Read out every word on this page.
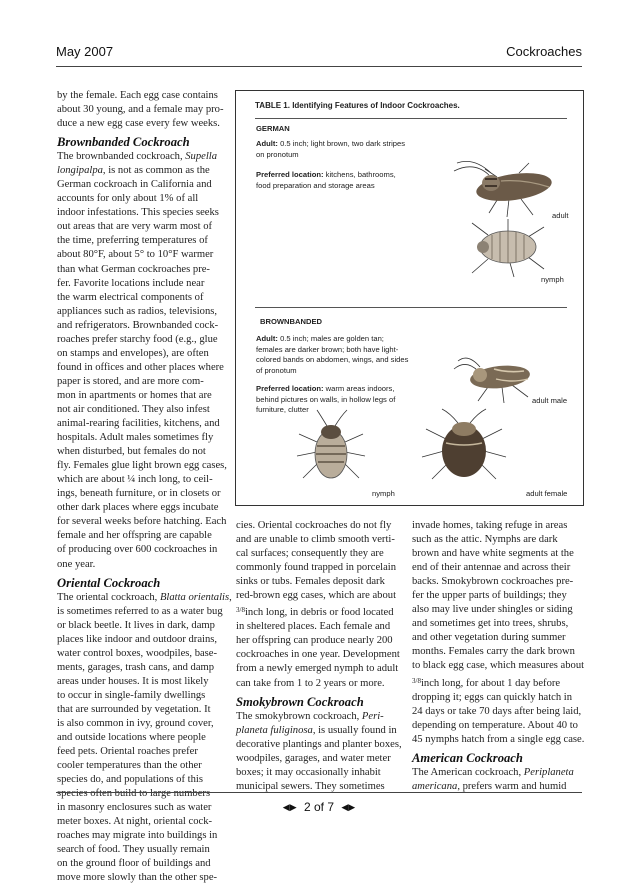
May 2007	Cockroaches
by the female. Each egg case contains
about 30 young, and a female may pro-
duce a new egg case every few weeks.
Brownbanded Cockroach
The brownbanded cockroach, Supella
longipalpa, is not as common as the
German cockroach in California and
accounts for only about 1% of all
indoor infestations. This species seeks
out areas that are very warm most of
the time, preferring temperatures of
about 80°F, about 5° to 10°F warmer
than what German cockroaches pre-
fer. Favorite locations include near
the warm electrical components of
appliances such as radios, televisions,
and refrigerators. Brownbanded cock-
roaches prefer starchy food (e.g., glue
on stamps and envelopes), are often
found in offices and other places where
paper is stored, and are more com-
mon in apartments or homes that are
not air conditioned. They also infest
animal-rearing facilities, kitchens, and
hospitals. Adult males sometimes fly
when disturbed, but females do not
fly. Females glue light brown egg cases,
which are about ¼ inch long, to ceil-
ings, beneath furniture, or in closets or
other dark places where eggs incubate
for several weeks before hatching. Each
female and her offspring are capable
of producing over 600 cockroaches in
one year.
Oriental Cockroach
The oriental cockroach, Blatta orientalis,
is sometimes referred to as a water bug
or black beetle. It lives in dark, damp
places like indoor and outdoor drains,
water control boxes, woodpiles, base-
ments, garages, trash cans, and damp
areas under houses. It is most likely
to occur in single-family dwellings
that are surrounded by vegetation. It
is also common in ivy, ground cover,
and outside locations where people
feed pets. Oriental roaches prefer
cooler temperatures than the other
species do, and populations of this
species often build to large numbers
in masonry enclosures such as water
meter boxes. At night, oriental cock-
roaches may migrate into buildings in
search of food. They usually remain
on the ground floor of buildings and
move more slowly than the other spe-
TABLE 1. Identifying Features of Indoor Cockroaches.
GERMAN
Adult: 0.5 inch; light brown, two dark stripes
on pronotum
Preferred location: kitchens, bathrooms,
food preparation and storage areas
adult
nymph
BROWNBANDED
Adult: 0.5 inch; males are golden tan;
females are darker brown; both have light-
colored bands on abdomen, wings, and sides
of pronotum
Preferred location: warm areas indoors,
behind pictures on walls, in hollow legs of
furniture, clutter
adult male
nymph	adult female
cies. Oriental cockroaches do not fly
and are unable to climb smooth verti-
cal surfaces; consequently they are
commonly found trapped in porcelain
sinks or tubs. Females deposit dark
red-brown egg cases, which are about
$^{3/8}$inch long, in debris or food located
in sheltered places. Each female and
her offspring can produce nearly 200
cockroaches in one year. Development
from a newly emerged nymph to adult
can take from 1 to 2 years or more.
Smokybrown Cockroach
The smokybrown cockroach, Peri-
planeta fuliginosa, is usually found in
decorative plantings and planter boxes,
woodpiles, garages, and water meter
boxes; it may occasionally inhabit
municipal sewers. They sometimes
invade homes, taking refuge in areas
such as the attic. Nymphs are dark
brown and have white segments at the
end of their antennae and across their
backs. Smokybrown cockroaches pre-
fer the upper parts of buildings; they
also may live under shingles or siding
and sometimes get into trees, shrubs,
and other vegetation during summer
months. Females carry the dark brown
to black egg case, which measures about
$^{3/8}$inch long, for about 1 day before
dropping it; eggs can quickly hatch in
24 days or take 70 days after being laid,
depending on temperature. About 40 to
45 nymphs hatch from a single egg case.
American Cockroach
The American cockroach, Periplaneta
americana, prefers warm and humid
◀▶ 2 of 7 ◀▶
